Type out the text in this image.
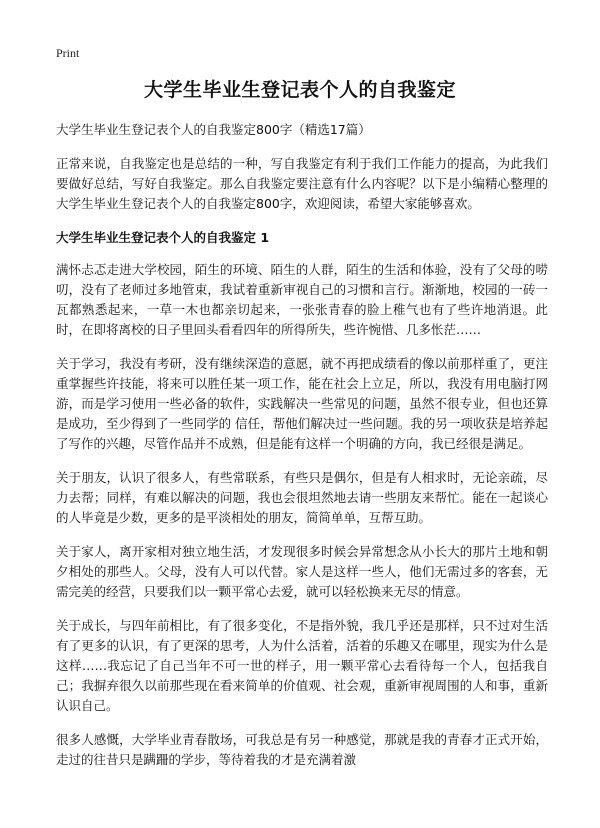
Print

大学生毕业生登记表个人的自我鉴定

大学生毕业生登记表个人的自我鉴定800字（精选17篇）

正常来说，自我鉴定也是总结的一种，写自我鉴定有利于我们工作能力的提高，为此我们要做好总结，写好自我鉴定。那么自我鉴定要注意有什么内容呢？以下是小编精心整理的大学生毕业生登记表个人的自我鉴定800字，欢迎阅读，希望大家能够喜欢。

大学生毕业生登记表个人的自我鉴定 1

满怀忐忑走进大学校园，陌生的环境、陌生的人群，陌生的生活和体验，没有了父母的唠叨，没有了老师过多地管束，我试着重新审视自己的习惯和言行。渐渐地，校园的一砖一瓦都熟悉起来，一草一木也都亲切起来，一张张青春的脸上稚气也有了些许地消退。此时，在即将离校的日子里回头看看四年的所得所失，些许惋惜、几多怅茫……

关于学习，我没有考研，没有继续深造的意愿，就不再把成绩看的像以前那样重了，更注重掌握些许技能，将来可以胜任某一项工作，能在社会上立足，所以，我没有用电脑打网游，而是学习使用一些必备的软件，实践解决一些常见的问题，虽然不很专业，但也还算是成功，至少得到了一些同学的 信任，帮他们解决过一些问题。我的另一项收获是培养起了写作的兴趣，尽管作品并不成熟，但是能有这样一个明确的方向，我已经很是满足。

关于朋友，认识了很多人，有些常联系，有些只是偶尔，但是有人相求时，无论亲疏，尽力去帮；同样，有难以解决的问题，我也会很坦然地去请一些朋友来帮忙。能在一起谈心的人毕竟是少数，更多的是平淡相处的朋友，简简单单，互帮互助。

关于家人，离开家相对独立地生活，才发现很多时候会异常想念从小长大的那片土地和朝夕相处的那些人。父母，没有人可以代替。家人是这样一些人，他们无需过多的客套，无需完美的经营，只要我们以一颗平常心去爱，就可以轻松换来无尽的情意。

关于成长，与四年前相比，有了很多变化，不是指外貌，我几乎还是那样，只不过对生活有了更多的认识，有了更深的思考，人为什么活着，活着的乐趣又在哪里，现实为什么是这样……我忘记了自己当年不可一世的样子，用一颗平常心去看待每一个人，包括我自己；我摒弃很久以前那些现在看来简单的价值观、社会观，重新审视周围的人和事，重新认识自己。

很多人感慨，大学毕业青春散场，可我总是有另一种感觉，那就是我的青春才正式开始，走过的往昔只是蹒跚的学步，等待着我的才是充满着激
